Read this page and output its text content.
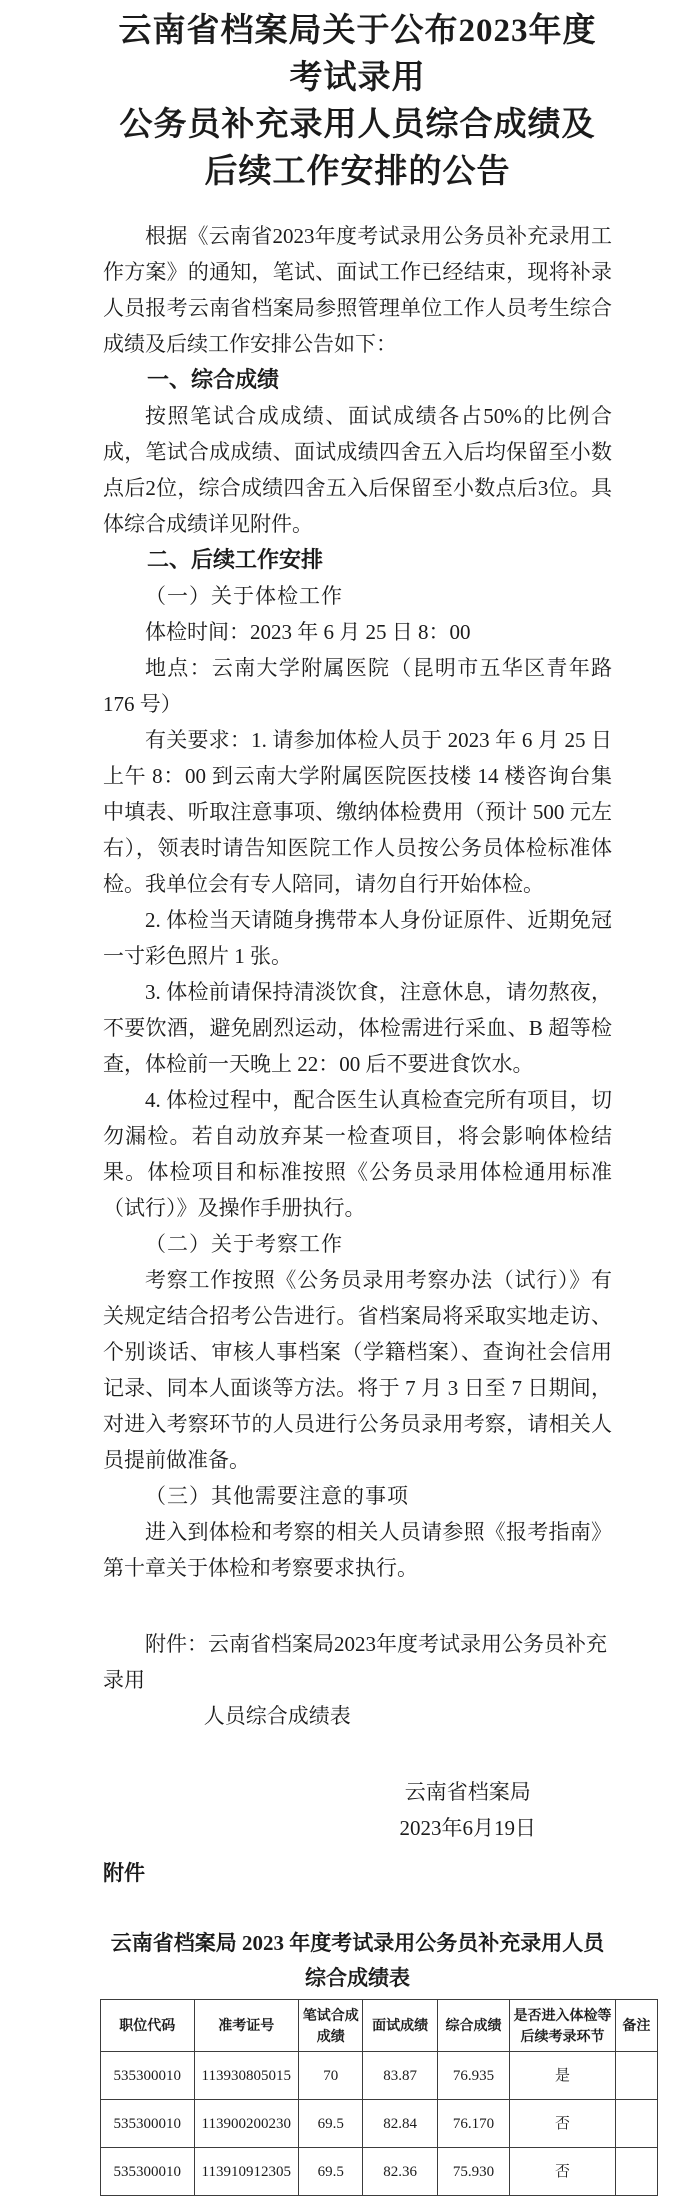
云南省档案局关于公布2023年度考试录用
公务员补充录用人员综合成绩及
后续工作安排的公告

根据《云南省2023年度考试录用公务员补充录用工作方案》的通知，笔试、面试工作已经结束，现将补录人员报考云南省档案局参照管理单位工作人员考生综合成绩及后续工作安排公告如下：

一、综合成绩

按照笔试合成成绩、面试成绩各占50%的比例合成，笔试合成成绩、面试成绩四舍五入后均保留至小数点后2位，综合成绩四舍五入后保留至小数点后3位。具体综合成绩详见附件。

二、后续工作安排

（一）关于体检工作

体检时间：2023 年 6 月 25 日 8：00

地点：云南大学附属医院（昆明市五华区青年路 176 号）

有关要求：1. 请参加体检人员于 2023 年 6 月 25 日上午 8：00 到云南大学附属医院医技楼 14 楼咨询台集中填表、听取注意事项、缴纳体检费用（预计 500 元左右），领表时请告知医院工作人员按公务员体检标准体检。我单位会有专人陪同，请勿自行开始体检。

2. 体检当天请随身携带本人身份证原件、近期免冠一寸彩色照片 1 张。

3. 体检前请保持清淡饮食，注意休息，请勿熬夜，不要饮酒，避免剧烈运动，体检需进行采血、B 超等检查，体检前一天晚上 22：00 后不要进食饮水。

4. 体检过程中，配合医生认真检查完所有项目，切勿漏检。若自动放弃某一检查项目，将会影响体检结果。体检项目和标准按照《公务员录用体检通用标准（试行）》及操作手册执行。

（二）关于考察工作

考察工作按照《公务员录用考察办法（试行）》有关规定结合招考公告进行。省档案局将采取实地走访、个别谈话、审核人事档案（学籍档案）、查询社会信用记录、同本人面谈等方法。将于 7 月 3 日至 7 日期间，对进入考察环节的人员进行公务员录用考察，请相关人员提前做准备。

（三）其他需要注意的事项

进入到体检和考察的相关人员请参照《报考指南》第十章关于体检和考察要求执行。

附件：云南省档案局2023年度考试录用公务员补充录用
人员综合成绩表
云南省档案局
2023年6月19日

附件

云南省档案局 2023 年度考试录用公务员补充录用人员
综合成绩表
职位代码	准考证号	笔试合成成绩	面试成绩	综合成绩	是否进入体检等后续考录环节	备注
535300010	113930805015	70	83.87	76.935	是	
535300010	113900200230	69.5	82.84	76.170	否	
535300010	113910912305	69.5	82.36	75.930	否	
